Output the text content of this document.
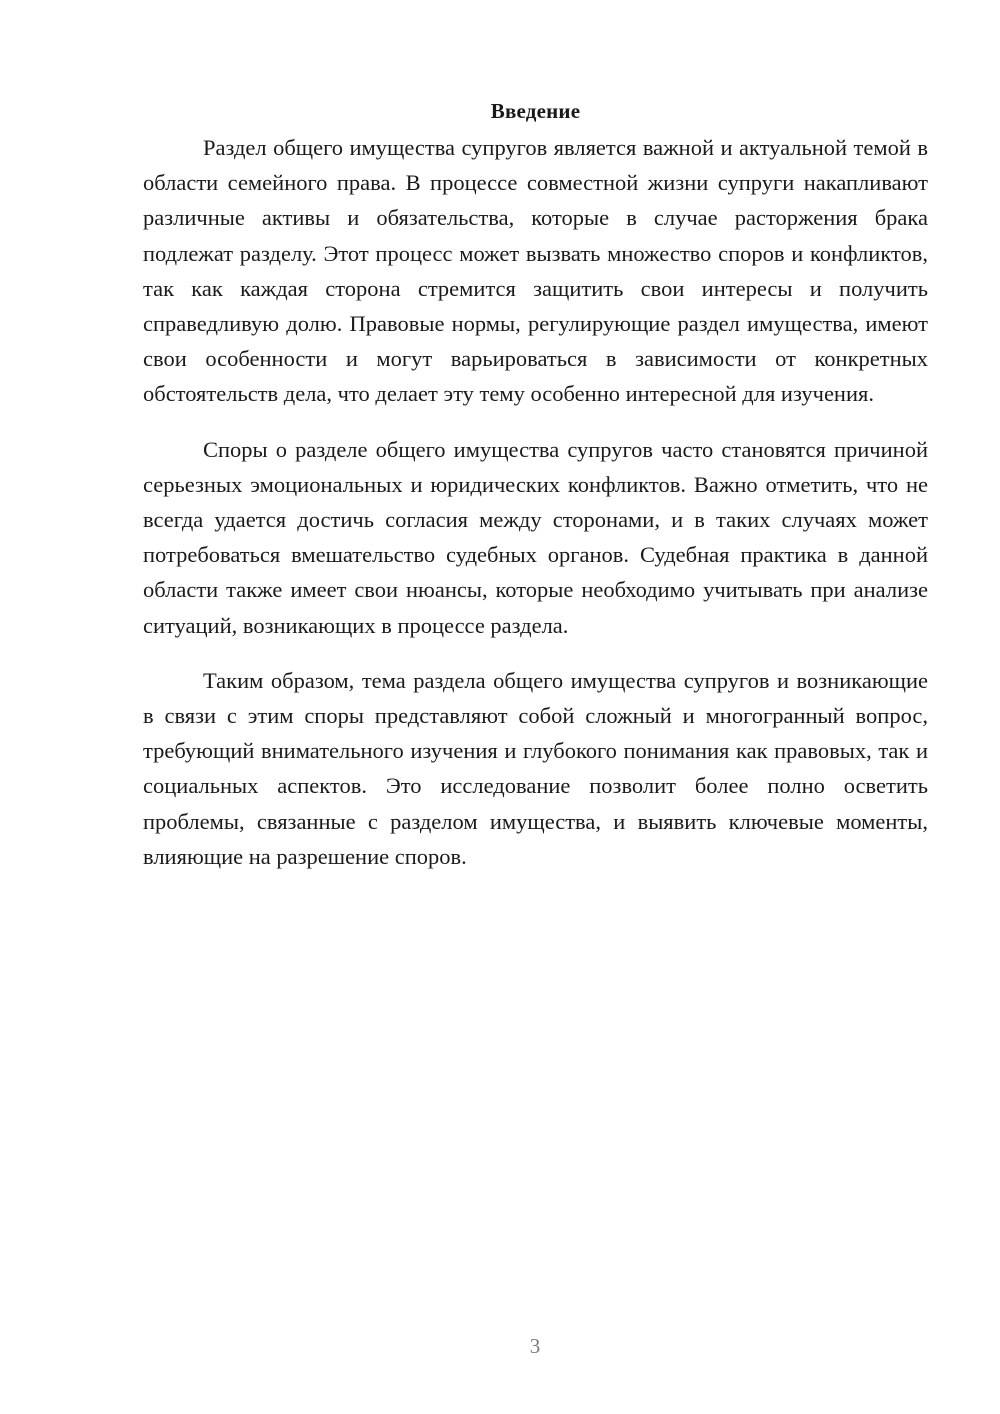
Введение

Раздел общего имущества супругов является важной и актуальной темой в области семейного права. В процессе совместной жизни супруги накапливают различные активы и обязательства, которые в случае расторжения брака подлежат разделу. Этот процесс может вызвать множество споров и конфликтов, так как каждая сторона стремится защитить свои интересы и получить справедливую долю. Правовые нормы, регулирующие раздел имущества, имеют свои особенности и могут варьироваться в зависимости от конкретных обстоятельств дела, что делает эту тему особенно интересной для изучения.

Споры о разделе общего имущества супругов часто становятся причиной серьезных эмоциональных и юридических конфликтов. Важно отметить, что не всегда удается достичь согласия между сторонами, и в таких случаях может потребоваться вмешательство судебных органов. Судебная практика в данной области также имеет свои нюансы, которые необходимо учитывать при анализе ситуаций, возникающих в процессе раздела.

Таким образом, тема раздела общего имущества супругов и возникающие в связи с этим споры представляют собой сложный и многогранный вопрос, требующий внимательного изучения и глубокого понимания как правовых, так и социальных аспектов. Это исследование позволит более полно осветить проблемы, связанные с разделом имущества, и выявить ключевые моменты, влияющие на разрешение споров.

3
